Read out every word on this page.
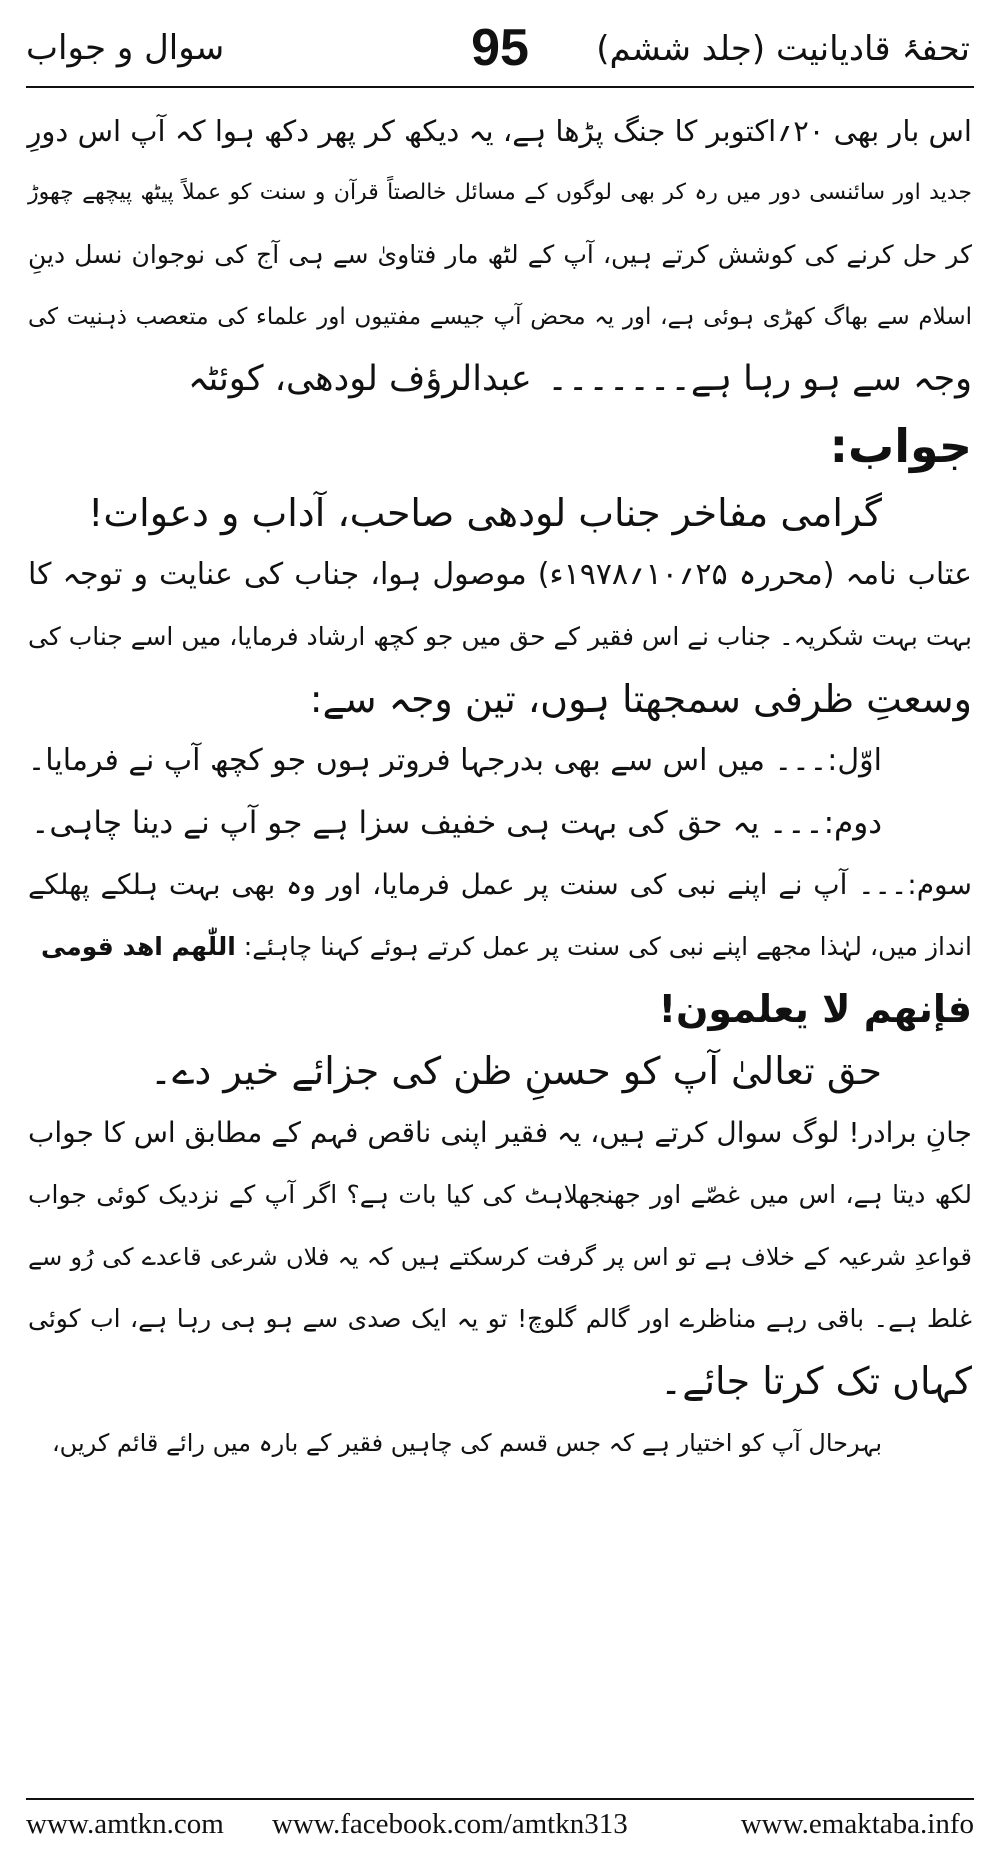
تحفۂ قادیانیت (جلد ششم)
95
سوال و جواب
اس بار بھی ۲۰؍اکتوبر کا جنگ پڑھا ہے، یہ دیکھ کر پھر دکھ ہوا کہ آپ اس دورِ
جدید اور سائنسی دور میں رہ کر بھی لوگوں کے مسائل خالصتاً قرآن و سنت کو عملاً پیٹھ پیچھے چھوڑ
کر حل کرنے کی کوشش کرتے ہیں، آپ کے لٹھ مار فتاویٰ سے ہی آج کی نوجوان نسل دینِ
اسلام سے بھاگ کھڑی ہوئی ہے، اور یہ محض آپ جیسے مفتیوں اور علماء کی متعصب ذہنیت کی
وجہ سے ہو رہا ہے۔۔۔۔۔۔۔
عبدالرؤف لودھی، کوئٹہ
جواب:
گرامی مفاخر جناب لودھی صاحب، آداب و دعوات!
عتاب نامہ (محررہ ۲۵؍۱۰؍۱۹۷۸ء) موصول ہوا، جناب کی عنایت و توجہ کا
بہت بہت شکریہ۔ جناب نے اس فقیر کے حق میں جو کچھ ارشاد فرمایا، میں اسے جناب کی
وسعتِ ظرفی سمجھتا ہوں، تین وجہ سے:
اوّل:۔۔۔ میں اس سے بھی بدرجہا فروتر ہوں جو کچھ آپ نے فرمایا۔
دوم:۔۔۔ یہ حق کی بہت ہی خفیف سزا ہے جو آپ نے دینا چاہی۔
سوم:۔۔۔ آپ نے اپنے نبی کی سنت پر عمل فرمایا، اور وہ بھی بہت ہلکے پھلکے
انداز میں، لہٰذا مجھے اپنے نبی کی سنت پر عمل کرتے ہوئے کہنا چاہئے: اللّٰھم اھد قومی
فإنھم لا یعلمون!
حق تعالیٰ آپ کو حسنِ ظن کی جزائے خیر دے۔
جانِ برادر! لوگ سوال کرتے ہیں، یہ فقیر اپنی ناقص فہم کے مطابق اس کا جواب
لکھ دیتا ہے، اس میں غصّے اور جھنجھلاہٹ کی کیا بات ہے؟ اگر آپ کے نزدیک کوئی جواب
قواعدِ شرعیہ کے خلاف ہے تو اس پر گرفت کرسکتے ہیں کہ یہ فلاں شرعی قاعدے کی رُو سے
غلط ہے۔ باقی رہے مناظرے اور گالم گلوچ! تو یہ ایک صدی سے ہو ہی رہا ہے، اب کوئی
کہاں تک کرتا جائے۔
بہرحال آپ کو اختیار ہے کہ جس قسم کی چاہیں فقیر کے بارہ میں رائے قائم کریں،
www.amtkn.com www.facebook.com/amtkn313	www.emaktaba.info
